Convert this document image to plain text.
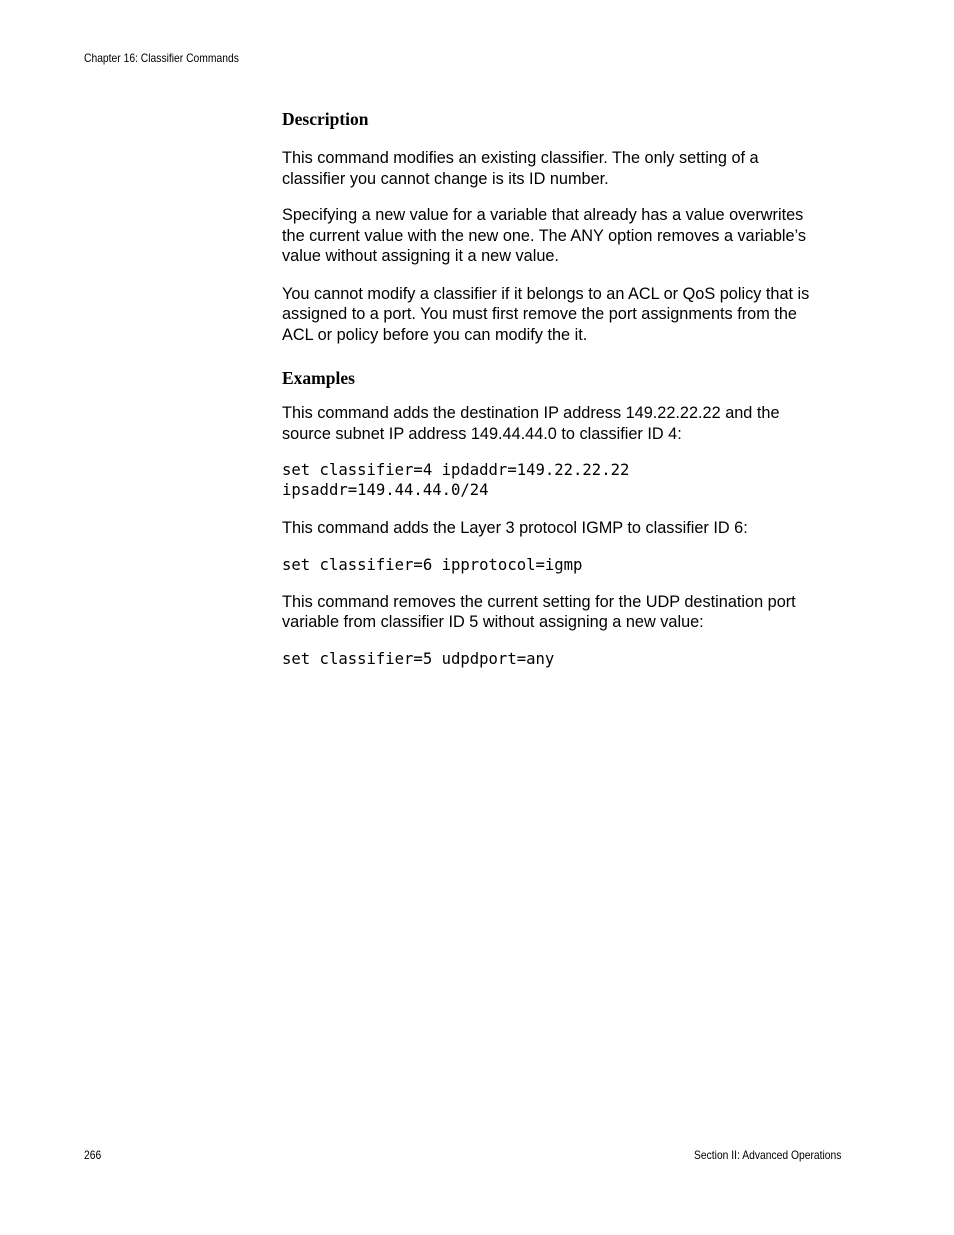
Chapter 16: Classifier Commands
Description

This command modifies an existing classifier. The only setting of a
classifier you cannot change is its ID number.

Specifying a new value for a variable that already has a value overwrites
the current value with the new one. The ANY option removes a variable’s
value without assigning it a new value.

You cannot modify a classifier if it belongs to an ACL or QoS policy that is
assigned to a port. You must first remove the port assignments from the
ACL or policy before you can modify the it.

Examples

This command adds the destination IP address 149.22.22.22 and the
source subnet IP address 149.44.44.0 to classifier ID 4:

set classifier=4 ipdaddr=149.22.22.22
ipsaddr=149.44.44.0/24

This command adds the Layer 3 protocol IGMP to classifier ID 6:

set classifier=6 ipprotocol=igmp

This command removes the current setting for the UDP destination port
variable from classifier ID 5 without assigning a new value:

set classifier=5 udpdport=any

266	Section II: Advanced Operations
